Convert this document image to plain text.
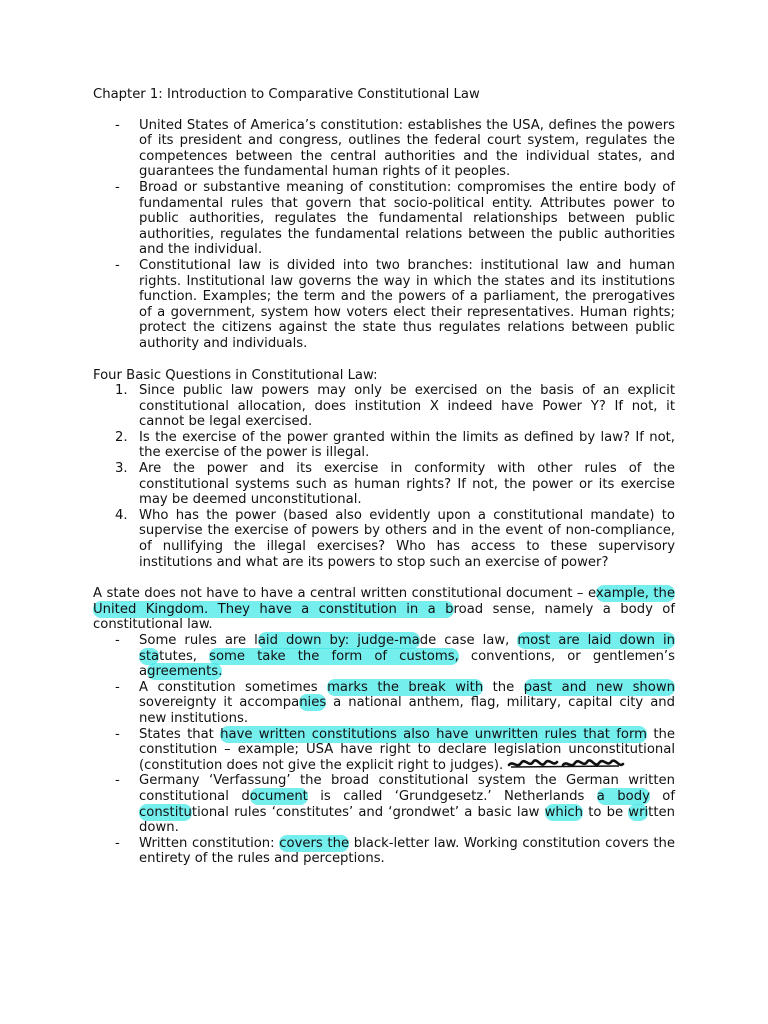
Chapter 1: Introduction to Comparative Constitutional Law

- United States of America’s constitution: establishes the USA, defines the powers of its president and congress, outlines the federal court system, regulates the competences between the central authorities and the individual states, and guarantees the fundamental human rights of it peoples.
- Broad or substantive meaning of constitution: compromises the entire body of fundamental rules that govern that socio-political entity. Attributes power to public authorities, regulates the fundamental relationships between public authorities, regulates the fundamental relations between the public authorities and the individual.
- Constitutional law is divided into two branches: institutional law and human rights. Institutional law governs the way in which the states and its institutions function. Examples; the term and the powers of a parliament, the prerogatives of a government, system how voters elect their representatives. Human rights; protect the citizens against the state thus regulates relations between public authority and individuals.

Four Basic Questions in Constitutional Law:

1. Since public law powers may only be exercised on the basis of an explicit constitutional allocation, does institution X indeed have Power Y? If not, it cannot be legal exercised.
2. Is the exercise of the power granted within the limits as defined by law? If not, the exercise of the power is illegal.
3. Are the power and its exercise in conformity with other rules of the constitutional systems such as human rights? If not, the power or its exercise may be deemed unconstitutional.
4. Who has the power (based also evidently upon a constitutional mandate) to supervise the exercise of powers by others and in the event of non-compliance, of nullifying the illegal exercises? Who has access to these supervisory institutions and what are its powers to stop such an exercise of power?

A state does not have to have a central written constitutional document – example, the United Kingdom. They have a constitution in a broad sense, namely a body of constitutional law.

- Some rules are laid down by: judge-made case law, most are laid down in statutes, some take the form of customs, conventions, or gentlemen’s agreements.
- A constitution sometimes marks the break with the past and new shown sovereignty it accompanies a national anthem, flag, military, capital city and new institutions.
- States that have written constitutions also have unwritten rules that form the constitution – example; USA have right to declare legislation unconstitutional (constitution does not give the explicit right to judges).
- Germany ‘Verfassung’ the broad constitutional system the German written constitutional document is called ‘Grundgesetz.’ Netherlands a body of constitutional rules ‘constitutes’ and ‘grondwet’ a basic law which to be written down.
- Written constitution: covers the black-letter law. Working constitution covers the entirety of the rules and perceptions.
